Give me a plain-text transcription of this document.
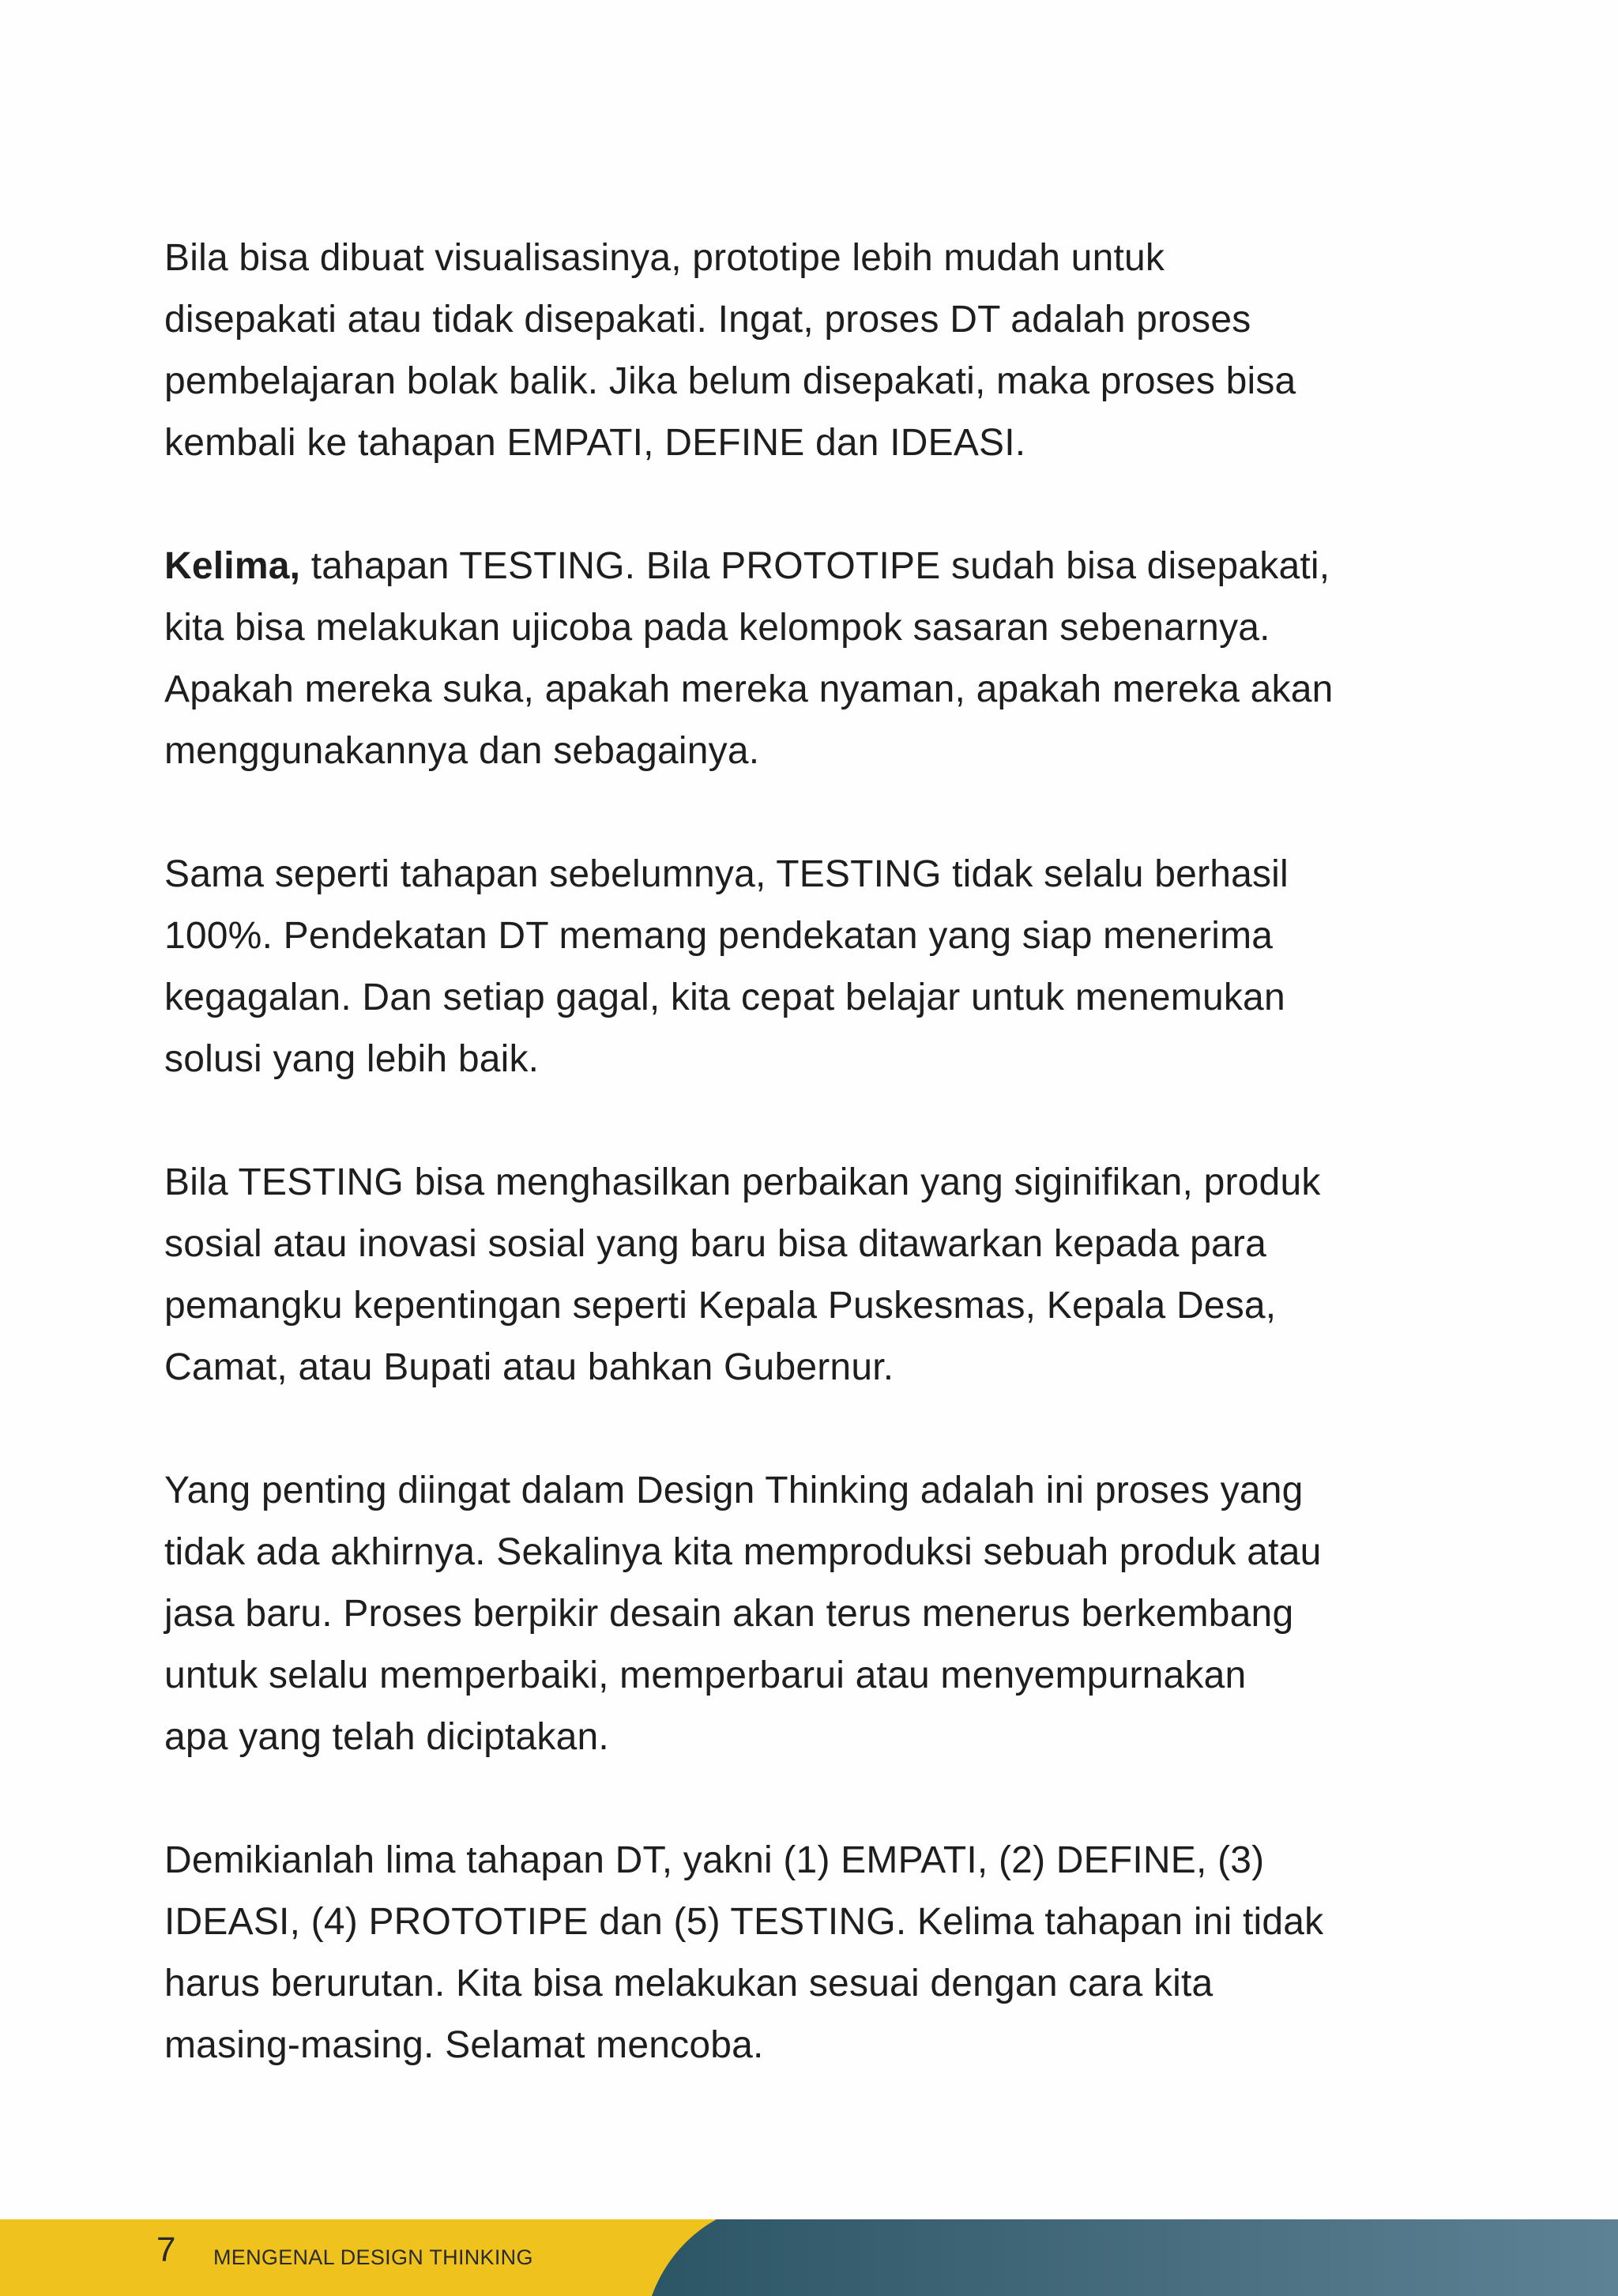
Bila bisa dibuat visualisasinya, prototipe lebih mudah untuk
disepakati atau tidak disepakati. Ingat, proses DT adalah proses
pembelajaran bolak balik. Jika belum disepakati, maka proses bisa
kembali ke tahapan EMPATI, DEFINE dan IDEASI.
Kelima, tahapan TESTING. Bila PROTOTIPE sudah bisa disepakati,
kita bisa melakukan ujicoba pada kelompok sasaran sebenarnya.
Apakah mereka suka, apakah mereka nyaman, apakah mereka akan
menggunakannya dan sebagainya.
Sama seperti tahapan sebelumnya, TESTING tidak selalu berhasil
100%. Pendekatan DT memang pendekatan yang siap menerima
kegagalan. Dan setiap gagal, kita cepat belajar untuk menemukan
solusi yang lebih baik.
Bila TESTING bisa menghasilkan perbaikan yang siginifikan, produk
sosial atau inovasi sosial yang baru bisa ditawarkan kepada para
pemangku kepentingan seperti Kepala Puskesmas, Kepala Desa,
Camat, atau Bupati atau bahkan Gubernur.
Yang penting diingat dalam Design Thinking adalah ini proses yang
tidak ada akhirnya. Sekalinya kita memproduksi sebuah produk atau
jasa baru. Proses berpikir desain akan terus menerus berkembang
untuk selalu memperbaiki, memperbarui atau menyempurnakan
apa yang telah diciptakan.
Demikianlah lima tahapan DT, yakni (1) EMPATI, (2) DEFINE, (3)
IDEASI, (4) PROTOTIPE dan (5) TESTING. Kelima tahapan ini tidak
harus berurutan. Kita bisa melakukan sesuai dengan cara kita
masing-masing. Selamat mencoba.
7 MENGENAL DESIGN THINKING
